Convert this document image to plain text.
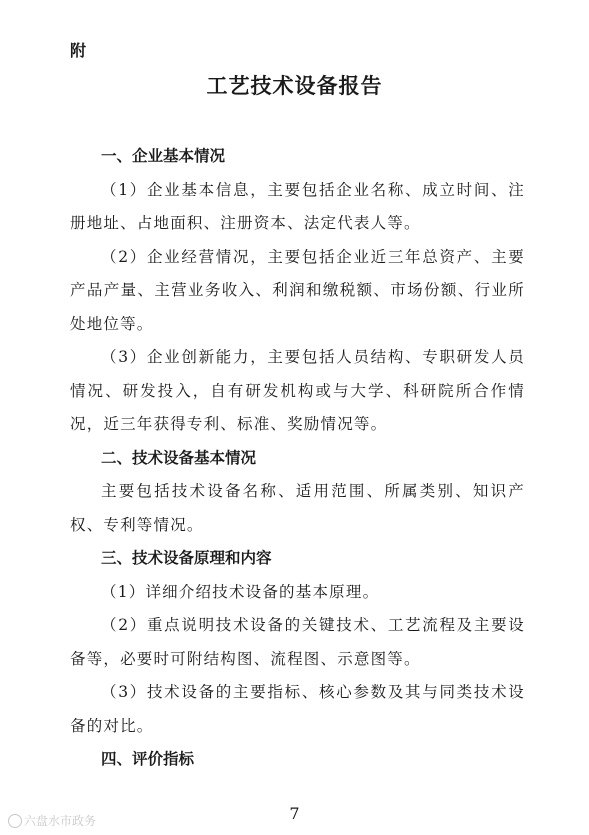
附
工艺技术设备报告
一、企业基本情况
（1）企业基本信息，主要包括企业名称、成立时间、注册地址、占地面积、注册资本、法定代表人等。
（2）企业经营情况，主要包括企业近三年总资产、主要产品产量、主营业务收入、利润和缴税额、市场份额、行业所处地位等。
（3）企业创新能力，主要包括人员结构、专职研发人员情况、研发投入，自有研发机构或与大学、科研院所合作情况，近三年获得专利、标准、奖励情况等。
二、技术设备基本情况
主要包括技术设备名称、适用范围、所属类别、知识产权、专利等情况。
三、技术设备原理和内容
（1）详细介绍技术设备的基本原理。
（2）重点说明技术设备的关键技术、工艺流程及主要设备等，必要时可附结构图、流程图、示意图等。
（3）技术设备的主要指标、核心参数及其与同类技术设备的对比。
四、评价指标
7
六盘水市政务
